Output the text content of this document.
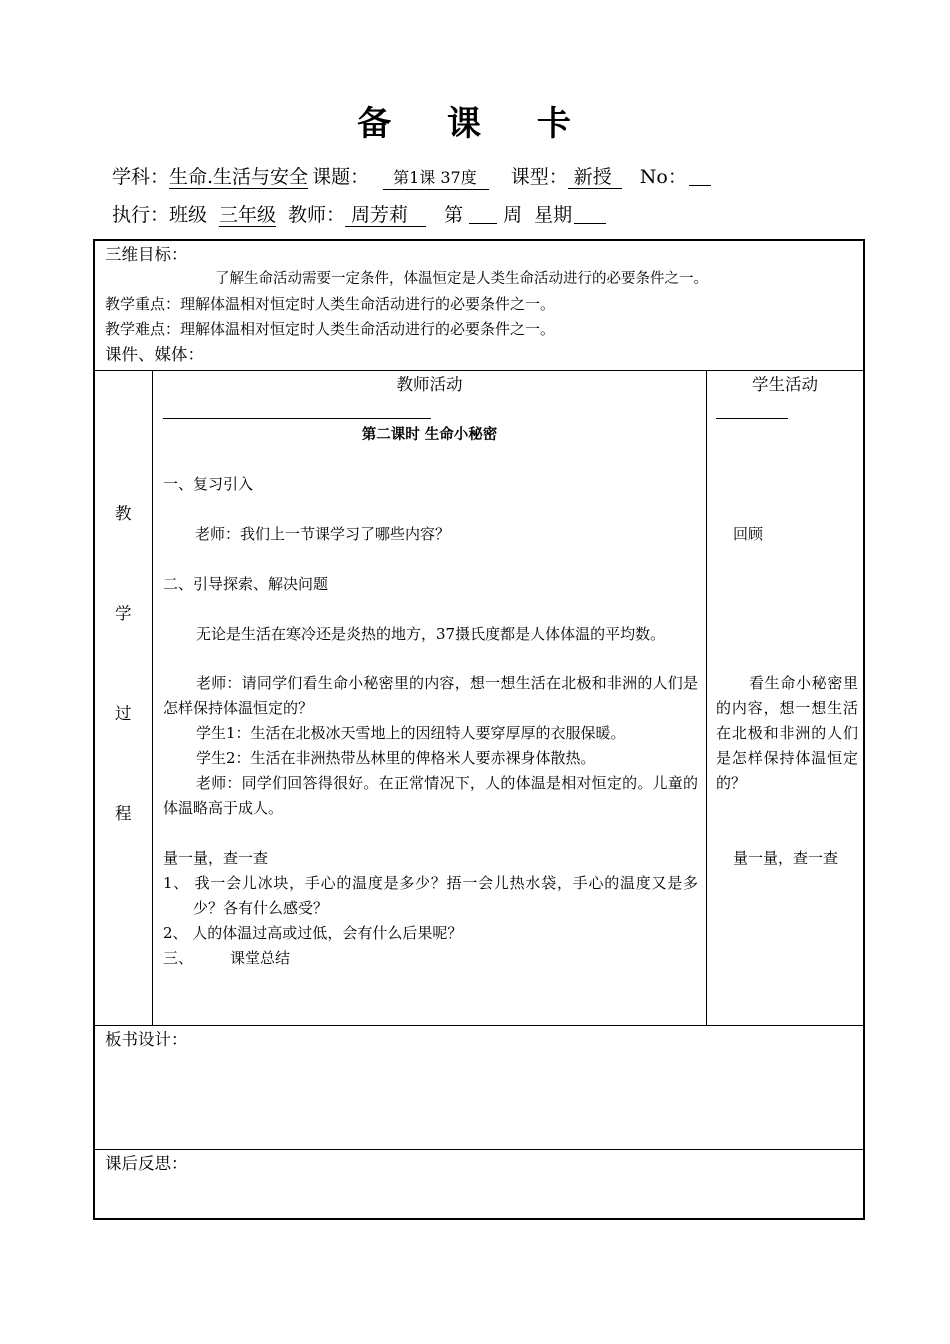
备 课 卡
学科：生命.生活与安全 课题： 第1课 37度 课型： 新授 No：
执行：班级 三年级 教师： 周芳莉 第 周 星期
三维目标：
了解生命活动需要一定条件，体温恒定是人类生命活动进行的必要条件之一。
教学重点：理解体温相对恒定时人类生命活动进行的必要条件之一。
教学难点：理解体温相对恒定时人类生命活动进行的必要条件之一。
课件、媒体：
教
学
过
程
教师活动	学生活动
第二课时 生命小秘密
一、复习引入
老师：我们上一节课学习了哪些内容？
二、引导探索、解决问题
无论是生活在寒冷还是炎热的地方，37摄氏度都是人体体温的平均数。
老师：请同学们看生命小秘密里的内容，想一想生活在北极和非洲的人们是怎样保持体温恒定的？
学生1：生活在北极冰天雪地上的因纽特人要穿厚厚的衣服保暖。
学生2：生活在非洲热带丛林里的俾格米人要赤裸身体散热。
老师：同学们回答得很好。在正常情况下，人的体温是相对恒定的。儿童的体温略高于成人。
量一量，查一查
1、 我一会儿冰块，手心的温度是多少？捂一会儿热水袋，手心的温度又是多少？各有什么感受？
2、 人的体温过高或过低，会有什么后果呢？
三、 课堂总结
回顾
看生命小秘密里的内容，想一想生活在北极和非洲的人们是怎样保持体温恒定的？
量一量，查一查
板书设计：
课后反思：
